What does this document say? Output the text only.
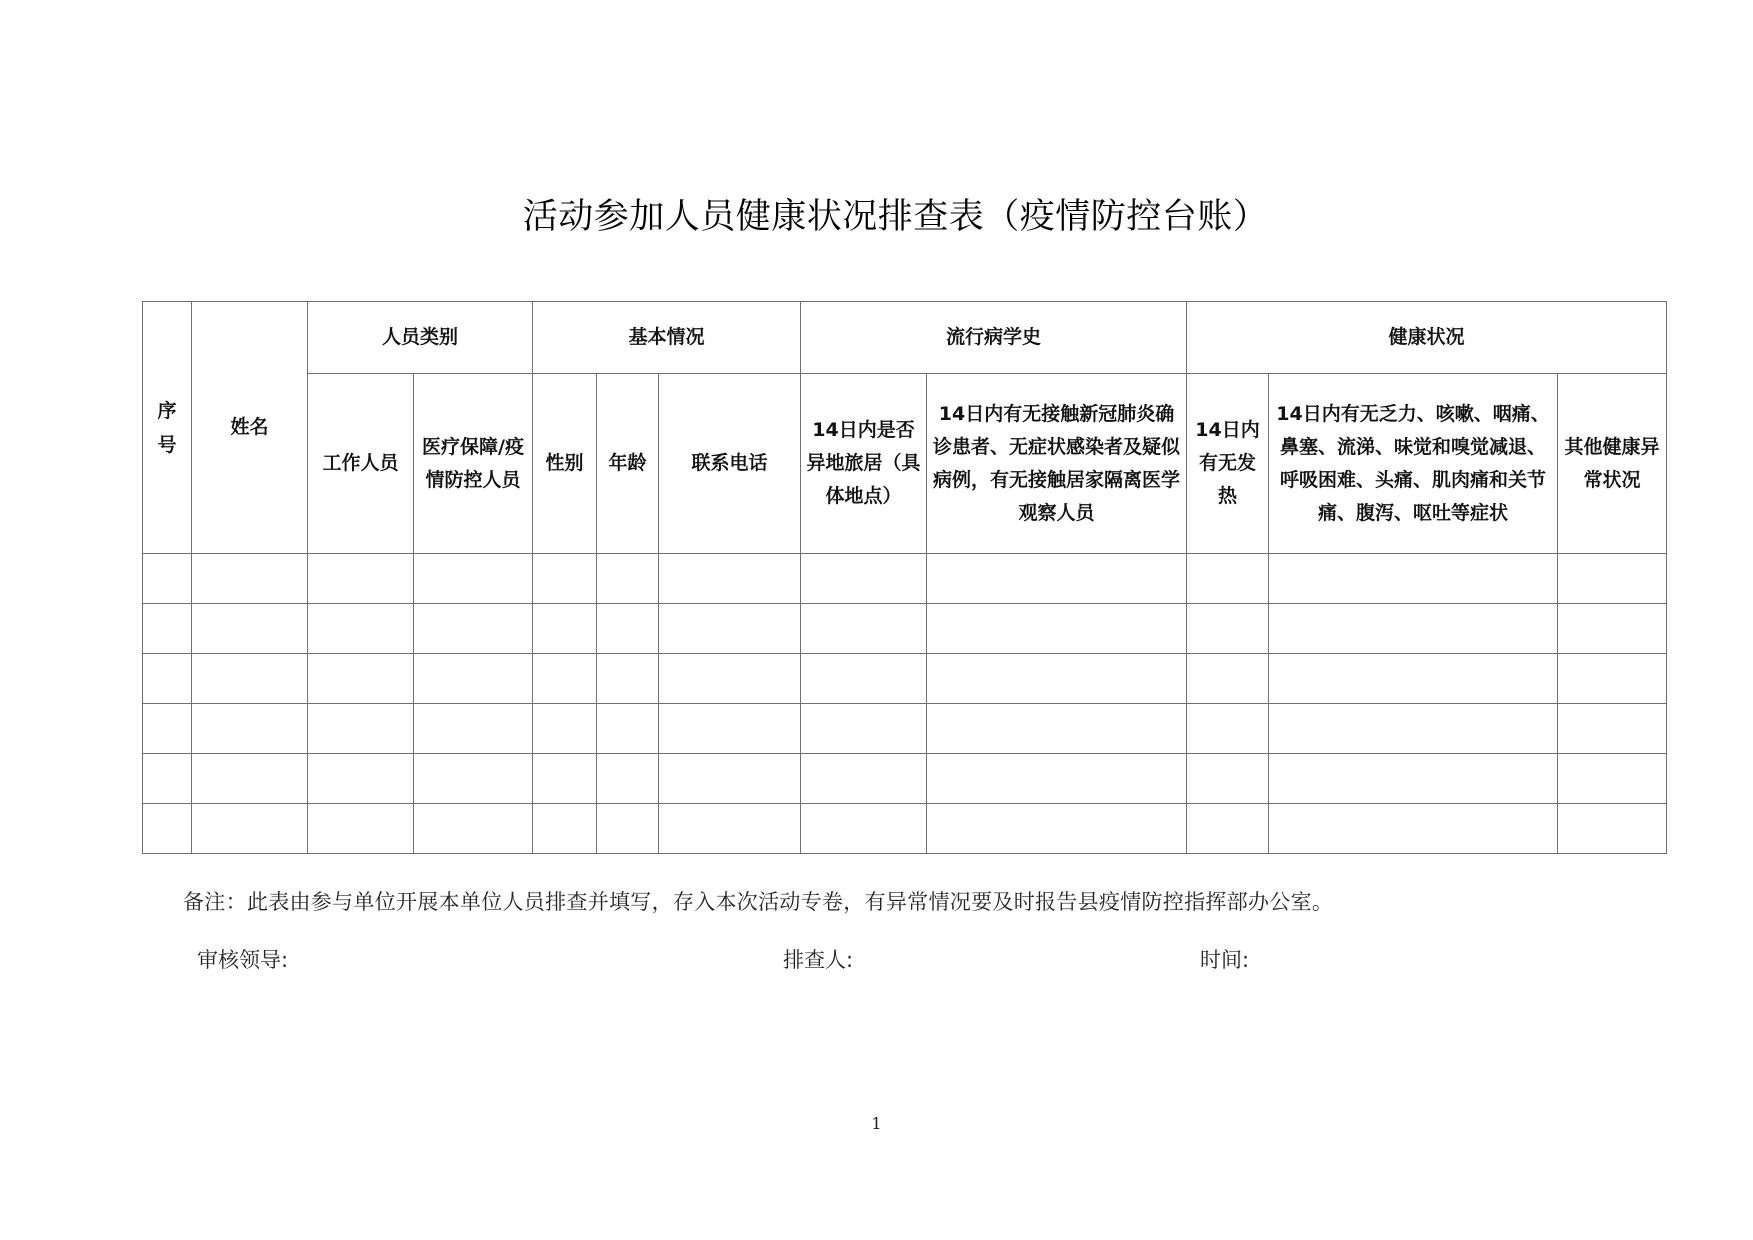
活动参加人员健康状况排查表（疫情防控台账）
序号	姓名	人员类别		基本情况			流行病学史		健康状况		
		工作人员	医疗保障/疫情防控人员	性别	年龄	联系电话	14日内是否异地旅居（具体地点）	14日内有无接触新冠肺炎确诊患者、无症状感染者及疑似病例，有无接触居家隔离医学观察人员	14日内有无发热	14日内有无乏力、咳嗽、咽痛、鼻塞、流涕、味觉和嗅觉减退、呼吸困难、头痛、肌肉痛和关节痛、腹泻、呕吐等症状	其他健康异常状况

备注：此表由参与单位开展本单位人员排查并填写，存入本次活动专卷，有异常情况要及时报告县疫情防控指挥部办公室。
审核领导:	排查人:	时间:
1
